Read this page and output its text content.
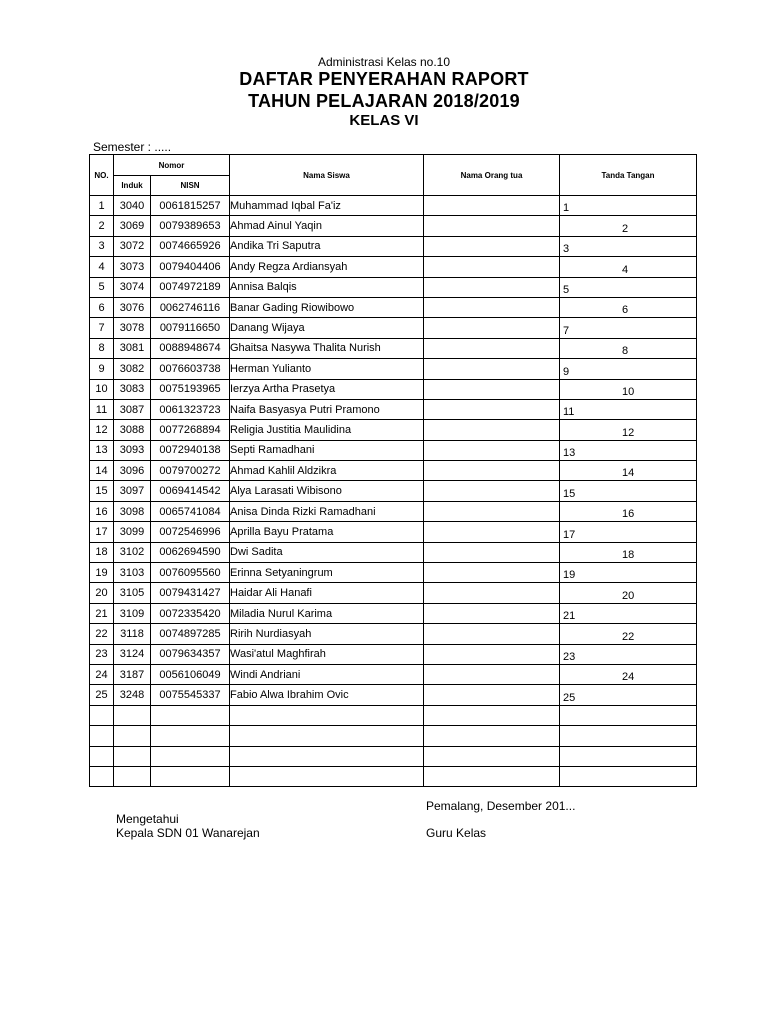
Administrasi Kelas no.10
DAFTAR PENYERAHAN RAPORT
TAHUN PELAJARAN 2018/2019
KELAS VI
Semester : .....
NO.	Nomor		Nama Siswa	Nama Orang tua	Tanda Tangan
	Induk	NISN			
1	3040	0061815257	Muhammad Iqbal Fa'iz		1

2	3069	0079389653	Ahmad Ainul Yaqin		2

3	3072	0074665926	Andika Tri Saputra		3

4	3073	0079404406	Andy Regza Ardiansyah		4

5	3074	0074972189	Annisa Balqis		5

6	3076	0062746116	Banar Gading Riowibowo		6

7	3078	0079116650	Danang Wijaya		7

8	3081	0088948674	Ghaitsa Nasywa Thalita Nurish		8

9	3082	0076603738	Herman Yulianto		9

10	3083	0075193965	Ierzya Artha Prasetya		10

11	3087	0061323723	Naifa Basyasya Putri Pramono		11

12	3088	0077268894	Religia Justitia Maulidina		12

13	3093	0072940138	Septi Ramadhani		13

14	3096	0079700272	Ahmad Kahlil Aldzikra		14

15	3097	0069414542	Alya Larasati Wibisono		15

16	3098	0065741084	Anisa Dinda Rizki Ramadhani		16

17	3099	0072546996	Aprilla Bayu Pratama		17

18	3102	0062694590	Dwi Sadita		18

19	3103	0076095560	Erinna Setyaningrum		19

20	3105	0079431427	Haidar Ali Hanafi		20

21	3109	0072335420	Miladia Nurul Karima		21

22	3118	0074897285	Ririh Nurdiasyah		22

23	3124	0079634357	Wasi'atul Maghfirah		23

24	3187	0056106049	Windi Andriani		24

25	3248	0075545337	Fabio Alwa Ibrahim Ovic		25

Pemalang, Desember 201...
Mengetahui
Kepala SDN 01 Wanarejan	Guru Kelas
